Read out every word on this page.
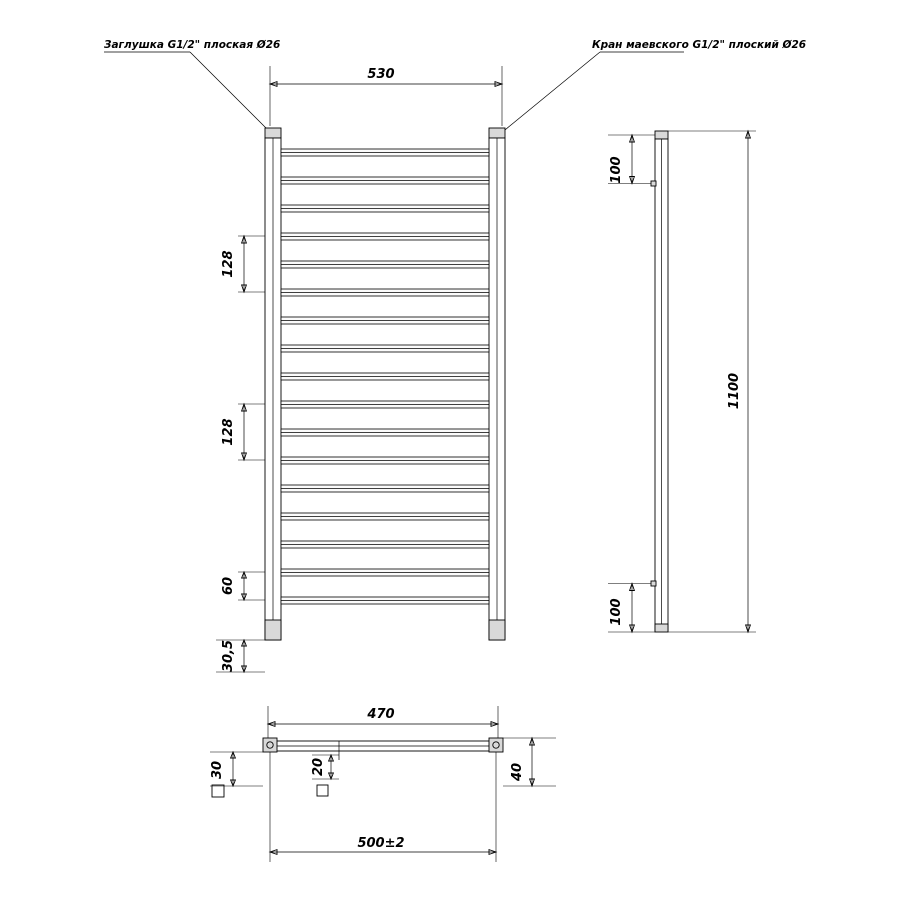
Заглушка G1/2" плоская Ø26	Кран маевского G1/2" плоский Ø26
530
128
128
60
30,5
100
1100
100
470
30	20	40
500±2
